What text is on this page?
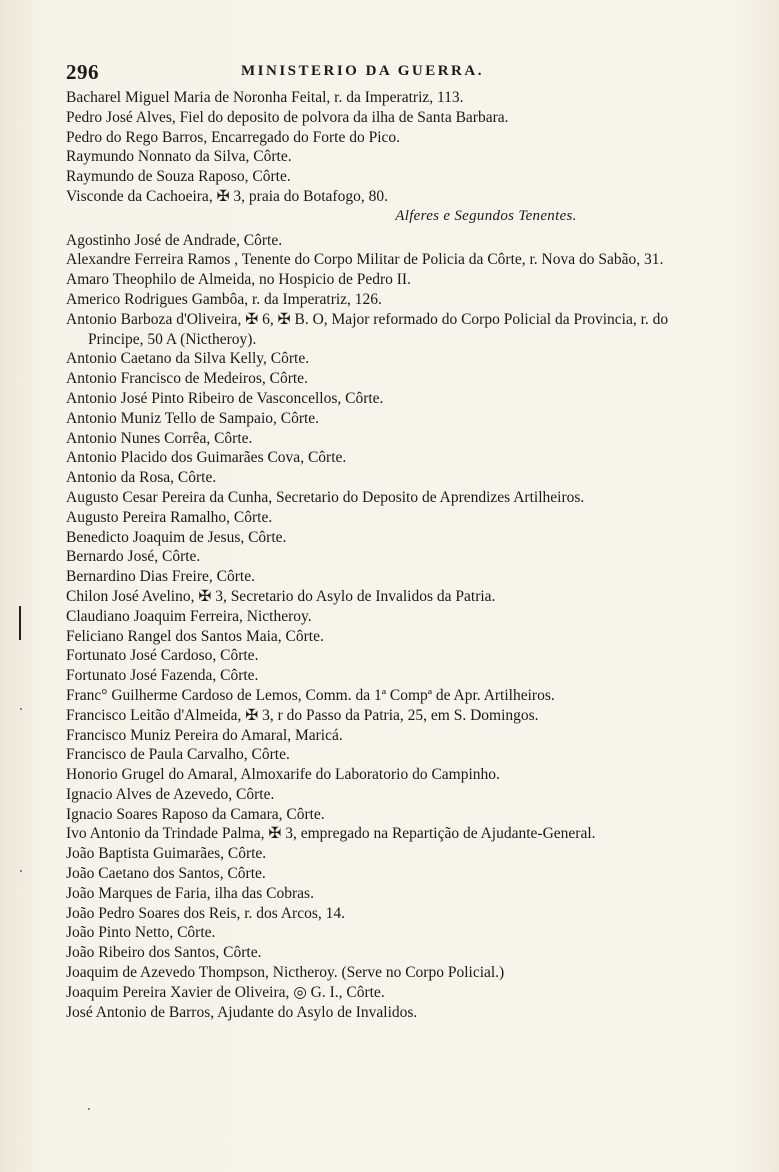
296	MINISTERIO DA GUERRA.

Bacharel Miguel Maria de Noronha Feital, r. da Imperatriz, 113.

Pedro José Alves, Fiel do deposito de polvora da ilha de Santa Barbara.

Pedro do Rego Barros, Encarregado do Forte do Pico.

Raymundo Nonnato da Silva, Côrte.

Raymundo de Souza Raposo, Côrte.

Visconde da Cachoeira, ✠ 3, praia do Botafogo, 80.

Alferes e Segundos Tenentes.

Agostinho José de Andrade, Côrte.

Alexandre Ferreira Ramos , Tenente do Corpo Militar de Policia da Côrte, r. Nova do Sabão, 31.

Amaro Theophilo de Almeida, no Hospicio de Pedro II.

Americo Rodrigues Gambôa, r. da Imperatriz, 126.

Antonio Barboza d'Oliveira, ✠ 6, ✠ B. O, Major reformado do Corpo Policial da Provincia, r. do Principe, 50 A (Nictheroy).

Antonio Caetano da Silva Kelly, Côrte.

Antonio Francisco de Medeiros, Côrte.

Antonio José Pinto Ribeiro de Vasconcellos, Côrte.

Antonio Muniz Tello de Sampaio, Côrte.

Antonio Nunes Corrêa, Côrte.

Antonio Placido dos Guimarães Cova, Côrte.

Antonio da Rosa, Côrte.

Augusto Cesar Pereira da Cunha, Secretario do Deposito de Aprendizes Artilheiros.

Augusto Pereira Ramalho, Côrte.

Benedicto Joaquim de Jesus, Côrte.

Bernardo José, Côrte.

Bernardino Dias Freire, Côrte.

Chilon José Avelino, ✠ 3, Secretario do Asylo de Invalidos da Patria.

Claudiano Joaquim Ferreira, Nictheroy.

Feliciano Rangel dos Santos Maia, Côrte.

Fortunato José Cardoso, Côrte.

Fortunato José Fazenda, Côrte.

Franc° Guilherme Cardoso de Lemos, Comm. da 1ª Compª de Apr. Artilheiros.

Francisco Leitão d'Almeida, ✠ 3, r do Passo da Patria, 25, em S. Domingos.

Francisco Muniz Pereira do Amaral, Maricá.

Francisco de Paula Carvalho, Côrte.

Honorio Grugel do Amaral, Almoxarife do Laboratorio do Campinho.

Ignacio Alves de Azevedo, Côrte.

Ignacio Soares Raposo da Camara, Côrte.

Ivo Antonio da Trindade Palma, ✠ 3, empregado na Repartição de Ajudante-General.

João Baptista Guimarães, Côrte.

João Caetano dos Santos, Côrte.

João Marques de Faria, ilha das Cobras.

João Pedro Soares dos Reis, r. dos Arcos, 14.

João Pinto Netto, Côrte.

João Ribeiro dos Santos, Côrte.

Joaquim de Azevedo Thompson, Nictheroy. (Serve no Corpo Policial.)

Joaquim Pereira Xavier de Oliveira, ◎ G. I., Côrte.

José Antonio de Barros, Ajudante do Asylo de Invalidos.
